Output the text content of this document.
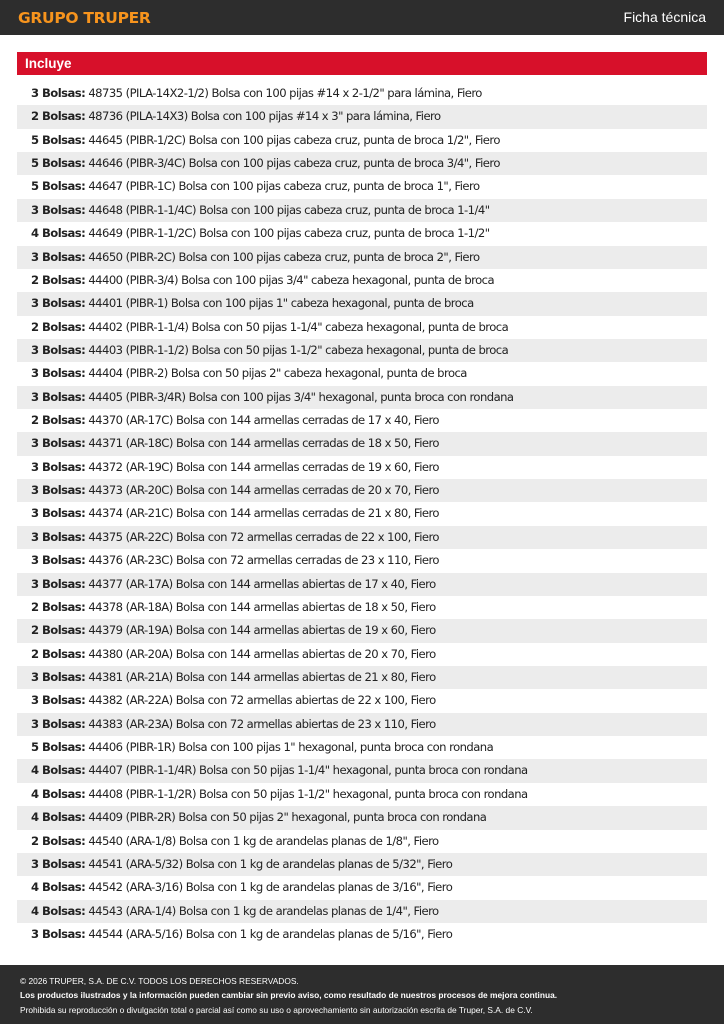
GRUPO TRUPER	Ficha técnica
Incluye
3 Bolsas: 48735 (PILA-14X2-1/2) Bolsa con 100 pijas #14 x 2-1/2" para lámina, Fiero
2 Bolsas: 48736 (PILA-14X3) Bolsa con 100 pijas #14 x 3" para lámina, Fiero
5 Bolsas: 44645 (PIBR-1/2C) Bolsa con 100 pijas cabeza cruz, punta de broca 1/2", Fiero
5 Bolsas: 44646 (PIBR-3/4C) Bolsa con 100 pijas cabeza cruz, punta de broca 3/4", Fiero
5 Bolsas: 44647 (PIBR-1C) Bolsa con 100 pijas cabeza cruz, punta de broca 1", Fiero
3 Bolsas: 44648 (PIBR-1-1/4C) Bolsa con 100 pijas cabeza cruz, punta de broca 1-1/4"
4 Bolsas: 44649 (PIBR-1-1/2C) Bolsa con 100 pijas cabeza cruz, punta de broca 1-1/2"
3 Bolsas: 44650 (PIBR-2C) Bolsa con 100 pijas cabeza cruz, punta de broca 2", Fiero
2 Bolsas: 44400 (PIBR-3/4) Bolsa con 100 pijas 3/4" cabeza hexagonal, punta de broca
3 Bolsas: 44401 (PIBR-1) Bolsa con 100 pijas 1" cabeza hexagonal, punta de broca
2 Bolsas: 44402 (PIBR-1-1/4) Bolsa con 50 pijas 1-1/4" cabeza hexagonal, punta de broca
3 Bolsas: 44403 (PIBR-1-1/2) Bolsa con 50 pijas 1-1/2" cabeza hexagonal, punta de broca
3 Bolsas: 44404 (PIBR-2) Bolsa con 50 pijas 2" cabeza hexagonal, punta de broca
3 Bolsas: 44405 (PIBR-3/4R) Bolsa con 100 pijas 3/4" hexagonal, punta broca con rondana
2 Bolsas: 44370 (AR-17C) Bolsa con 144 armellas cerradas de 17 x 40, Fiero
3 Bolsas: 44371 (AR-18C) Bolsa con 144 armellas cerradas de 18 x 50, Fiero
3 Bolsas: 44372 (AR-19C) Bolsa con 144 armellas cerradas de 19 x 60, Fiero
3 Bolsas: 44373 (AR-20C) Bolsa con 144 armellas cerradas de 20 x 70, Fiero
3 Bolsas: 44374 (AR-21C) Bolsa con 144 armellas cerradas de 21 x 80, Fiero
3 Bolsas: 44375 (AR-22C) Bolsa con 72 armellas cerradas de 22 x 100, Fiero
3 Bolsas: 44376 (AR-23C) Bolsa con 72 armellas cerradas de 23 x 110, Fiero
3 Bolsas: 44377 (AR-17A) Bolsa con 144 armellas abiertas de 17 x 40, Fiero
2 Bolsas: 44378 (AR-18A) Bolsa con 144 armellas abiertas de 18 x 50, Fiero
2 Bolsas: 44379 (AR-19A) Bolsa con 144 armellas abiertas de 19 x 60, Fiero
2 Bolsas: 44380 (AR-20A) Bolsa con 144 armellas abiertas de 20 x 70, Fiero
3 Bolsas: 44381 (AR-21A) Bolsa con 144 armellas abiertas de 21 x 80, Fiero
3 Bolsas: 44382 (AR-22A) Bolsa con 72 armellas abiertas de 22 x 100, Fiero
3 Bolsas: 44383 (AR-23A) Bolsa con 72 armellas abiertas de 23 x 110, Fiero
5 Bolsas: 44406 (PIBR-1R) Bolsa con 100 pijas 1" hexagonal, punta broca con rondana
4 Bolsas: 44407 (PIBR-1-1/4R) Bolsa con 50 pijas 1-1/4" hexagonal, punta broca con rondana
4 Bolsas: 44408 (PIBR-1-1/2R) Bolsa con 50 pijas 1-1/2" hexagonal, punta broca con rondana
4 Bolsas: 44409 (PIBR-2R) Bolsa con 50 pijas 2" hexagonal, punta broca con rondana
2 Bolsas: 44540 (ARA-1/8) Bolsa con 1 kg de arandelas planas de 1/8", Fiero
3 Bolsas: 44541 (ARA-5/32) Bolsa con 1 kg de arandelas planas de 5/32", Fiero
4 Bolsas: 44542 (ARA-3/16) Bolsa con 1 kg de arandelas planas de 3/16", Fiero
4 Bolsas: 44543 (ARA-1/4) Bolsa con 1 kg de arandelas planas de 1/4", Fiero
3 Bolsas: 44544 (ARA-5/16) Bolsa con 1 kg de arandelas planas de 5/16", Fiero
© 2026 TRUPER, S.A. DE C.V. TODOS LOS DERECHOS RESERVADOS.
Los productos ilustrados y la información pueden cambiar sin previo aviso, como resultado de nuestros procesos de mejora continua.
Prohibida su reproducción o divulgación total o parcial así como su uso o aprovechamiento sin autorización escrita de Truper, S.A. de C.V.
